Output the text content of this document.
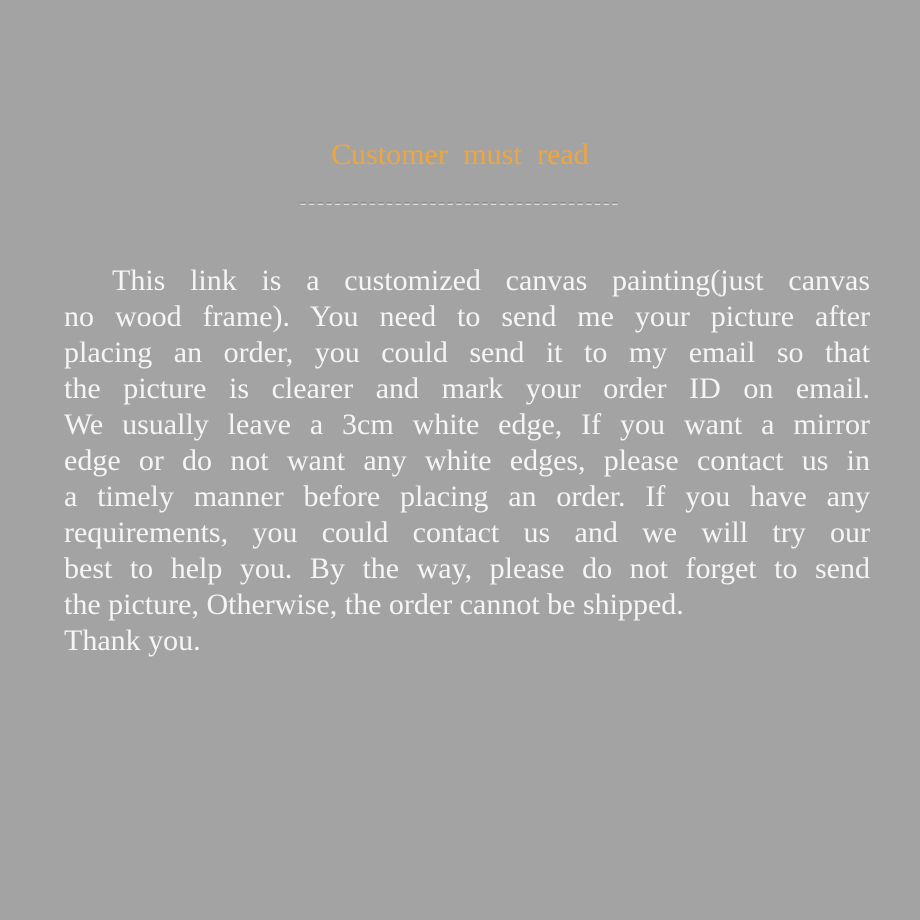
Customer must read
-------------------------------------
This link is a customized canvas painting(just canvas
no wood frame). You need to send me your picture after
placing an order, you could send it to my email so that
the picture is clearer and mark your order ID on email.
We usually leave a 3cm white edge, If you want a mirror
edge or do not want any white edges, please contact us in
a timely manner before placing an order. If you have any
requirements, you could contact us and we will try our
best to help you. By the way, please do not forget to send
the picture, Otherwise, the order cannot be shipped.
Thank you.
